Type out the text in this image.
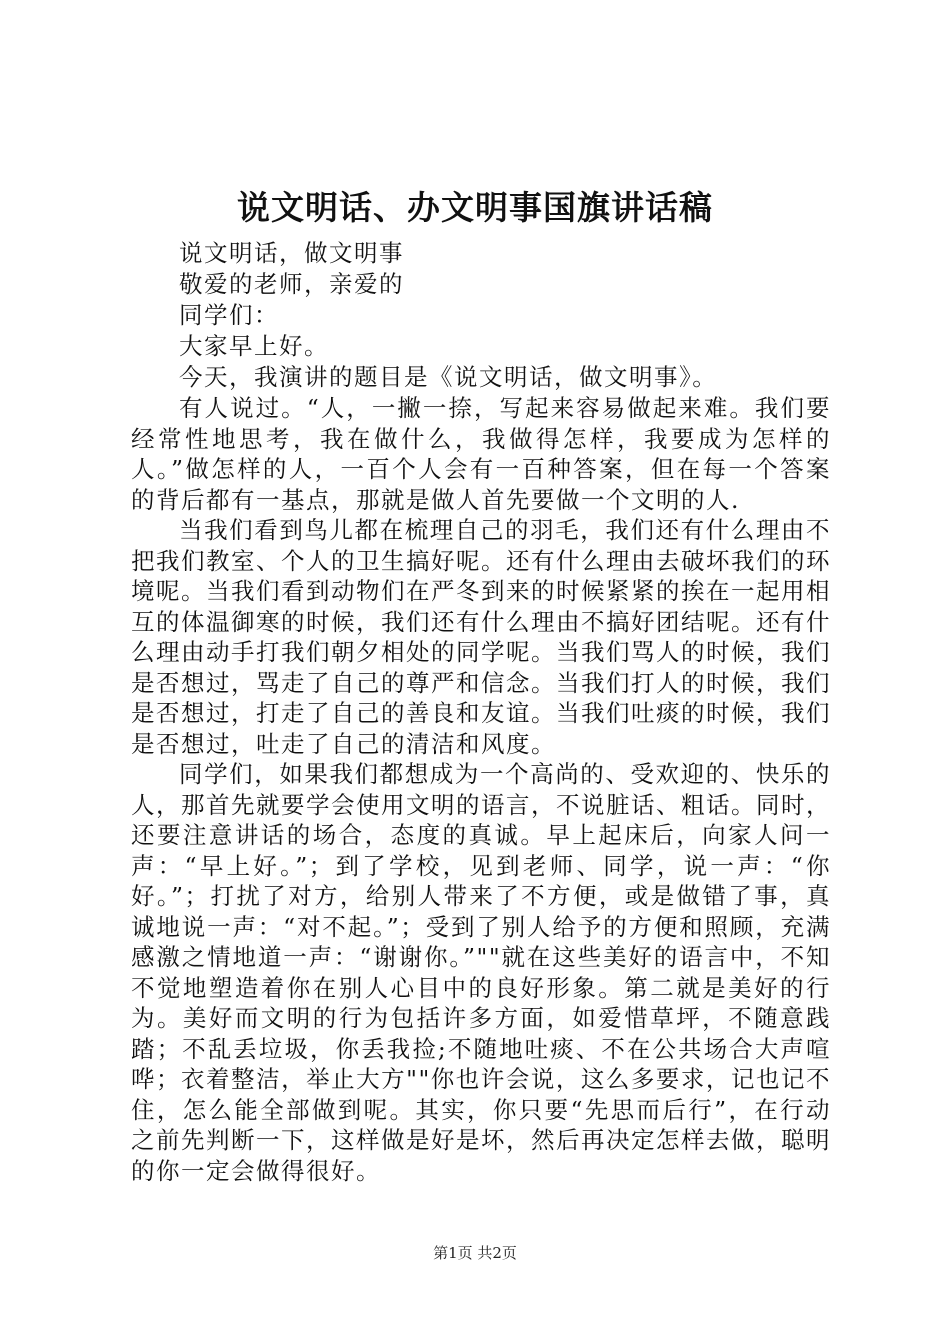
说文明话、办文明事国旗讲话稿
说文明话，做文明事
敬爱的老师，亲爱的
同学们：
大家早上好。
今天，我演讲的题目是《说文明话，做文明事》。

有人说过。“人，一撇一捺，写起来容易做起来难。我们要经常性地思考，我在做什么，我做得怎样，我要成为怎样的人。”做怎样的人，一百个人会有一百种答案，但在每一个答案的背后都有一基点，那就是做人首先要做一个文明的人.

当我们看到鸟儿都在梳理自己的羽毛，我们还有什么理由不把我们教室、个人的卫生搞好呢。还有什么理由去破坏我们的环境呢。当我们看到动物们在严冬到来的时候紧紧的挨在一起用相互的体温御寒的时候，我们还有什么理由不搞好团结呢。还有什么理由动手打我们朝夕相处的同学呢。当我们骂人的时候，我们是否想过，骂走了自己的尊严和信念。当我们打人的时候，我们是否想过，打走了自己的善良和友谊。当我们吐痰的时候，我们是否想过，吐走了自己的清洁和风度。

同学们，如果我们都想成为一个高尚的、受欢迎的、快乐的人，那首先就要学会使用文明的语言，不说脏话、粗话。同时，还要注意讲话的场合，态度的真诚。早上起床后，向家人问一声：“早上好。”；到了学校，见到老师、同学，说一声：“你好。”；打扰了对方，给别人带来了不方便，或是做错了事，真诚地说一声：“对不起。”；受到了别人给予的方便和照顾，充满感激之情地道一声：“谢谢你。”""就在这些美好的语言中，不知不觉地塑造着你在别人心目中的良好形象。第二就是美好的行为。美好而文明的行为包括许多方面，如爱惜草坪，不随意践踏；不乱丢垃圾，你丢我捡;不随地吐痰、不在公共场合大声喧哗；衣着整洁，举止大方""你也许会说，这么多要求，记也记不住，怎么能全部做到呢。其实，你只要“先思而后行”，在行动之前先判断一下，这样做是好是坏，然后再决定怎样去做，聪明的你一定会做得很好。

第1页 共2页
